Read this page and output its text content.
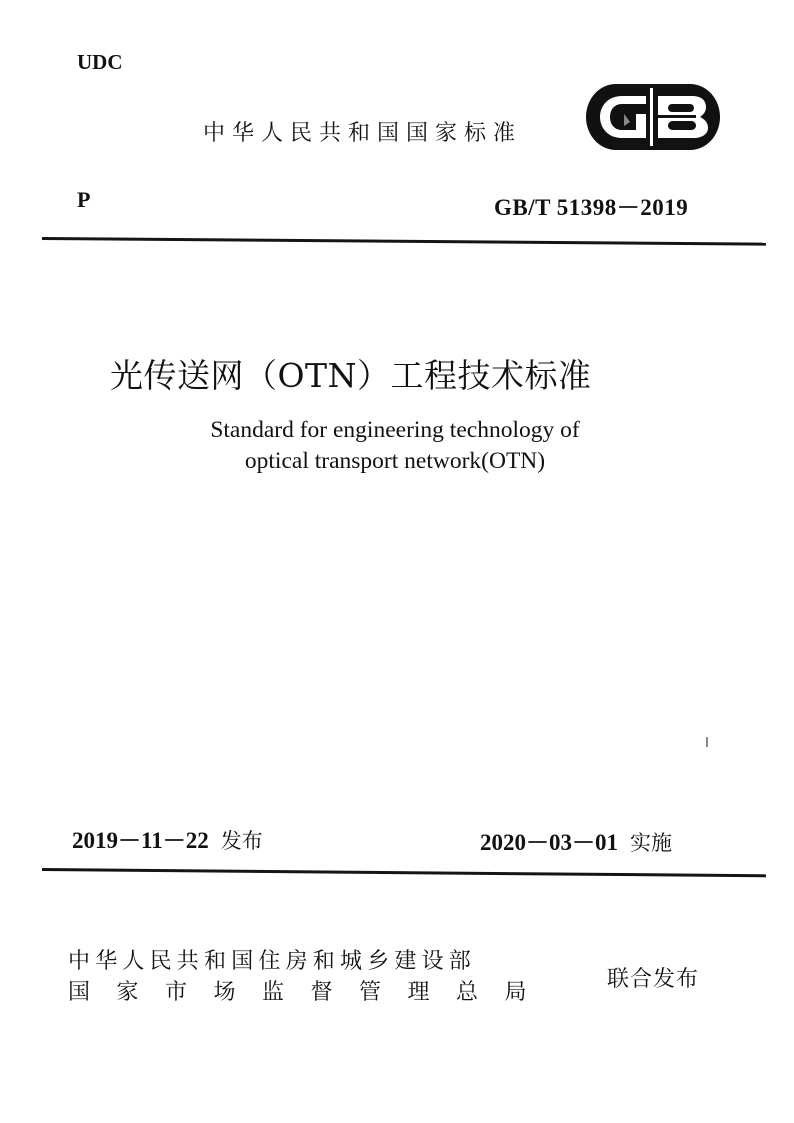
UDC
中华人民共和国国家标准
P	GB/T 51398－2019
光传送网（OTN）工程技术标准
Standard for engineering technology of
optical transport network(OTN)
2019－11－22 发布	2020－03－01 实施
中华人民共和国住房和城乡建设部
国家市场监督管理总局
联合发布
